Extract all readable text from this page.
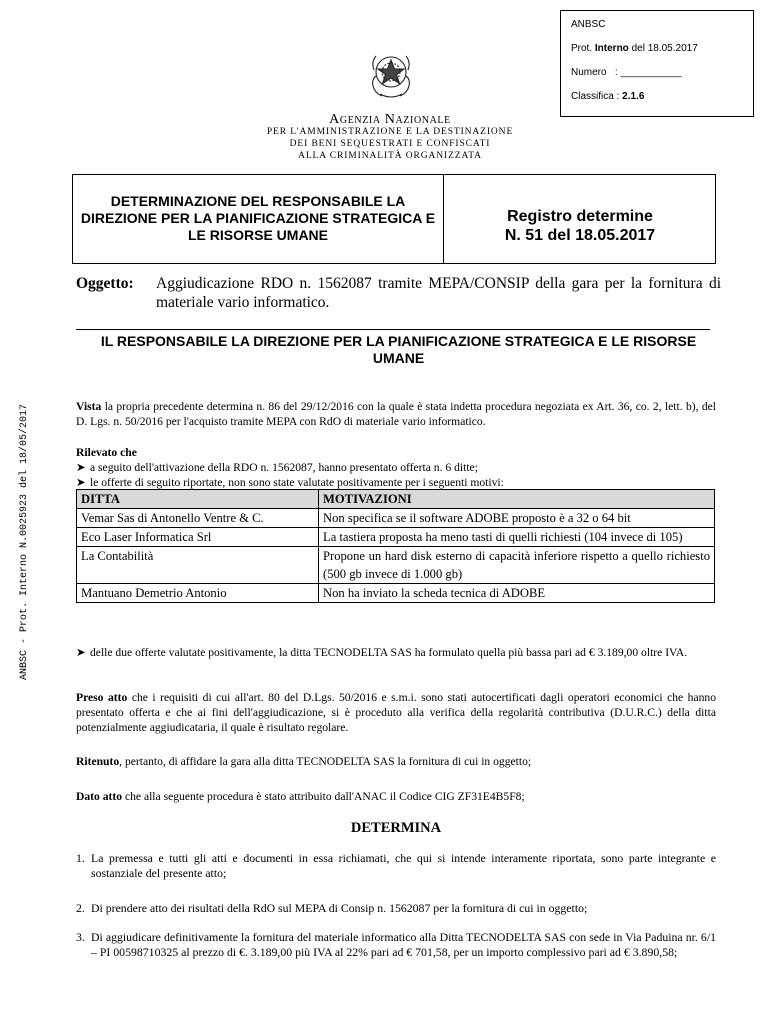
ANBSC
Prot. Interno del 18.05.2017
Numero   : ___________
Classifica : 2.1.6
Agenzia Nazionale
PER L'AMMINISTRAZIONE E LA DESTINAZIONE
DEI BENI SEQUESTRATI E CONFISCATI
ALLA CRIMINALITÀ ORGANIZZATA
DETERMINAZIONE DEL RESPONSABILE LA DIREZIONE PER LA PIANIFICAZIONE STRATEGICA E LE RISORSE UMANE
Registro determine
N. 51 del 18.05.2017
Oggetto: Aggiudicazione RDO n. 1562087 tramite MEPA/CONSIP della gara per la fornitura di materiale vario informatico.
IL RESPONSABILE LA DIREZIONE PER LA PIANIFICAZIONE STRATEGICA E LE RISORSE UMANE
ANBSC - Prot. Interno N.0025923 del 18/05/2017	Vista la propria precedente determina n. 86 del 29/12/2016 con la quale è stata indetta procedura negoziata ex Art. 36, co. 2, lett. b), del D. Lgs. n. 50/2016 per l'acquisto tramite MEPA con RdO di materiale vario informatico.
Rilevato che
➤ a seguito dell'attivazione della RDO n. 1562087, hanno presentato offerta n. 6 ditte;
➤ le offerte di seguito riportate, non sono state valutate positivamente per i seguenti motivi:
DITTA	MOTIVAZIONI
Vemar Sas di Antonello Ventre & C.	Non specifica se il software ADOBE proposto è a 32 o 64 bit
Eco Laser Informatica Srl	La tastiera proposta ha meno tasti di quelli richiesti (104 invece di 105)
La Contabilità	Propone un hard disk esterno di capacità inferiore rispetto a quello richiesto (500 gb invece di 1.000 gb)
Mantuano Demetrio Antonio	Non ha inviato la scheda tecnica di ADOBE
➤ delle due offerte valutate positivamente, la ditta TECNODELTA SAS ha formulato quella più bassa pari ad € 3.189,00 oltre IVA.
Preso atto che i requisiti di cui all'art. 80 del D.Lgs. 50/2016 e s.m.i. sono stati autocertificati dagli operatori economici che hanno presentato offerta e che ai fini dell'aggiudicazione, si è proceduto alla verifica della regolarità contributiva (D.U.R.C.) della ditta potenzialmente aggiudicataria, il quale è risultato regolare.
Ritenuto, pertanto, di affidare la gara alla ditta TECNODELTA SAS la fornitura di cui in oggetto;
Dato atto che alla seguente procedura è stato attribuito dall'ANAC il Codice CIG ZF31E4B5F8;
DETERMINA
1. La premessa e tutti gli atti e documenti in essa richiamati, che qui si intende interamente riportata, sono parte integrante e sostanziale del presente atto;
2. Di prendere atto dei risultati della RdO sul MEPA di Consip n. 1562087 per la fornitura di cui in oggetto;
3. Di aggiudicare definitivamente la fornitura del materiale informatico alla Ditta TECNODELTA SAS con sede in Via Paduina nr. 6/1 – PI 00598710325 al prezzo di €. 3.189,00 più IVA al 22% pari ad € 701,58, per un importo complessivo pari ad € 3.890,58;
